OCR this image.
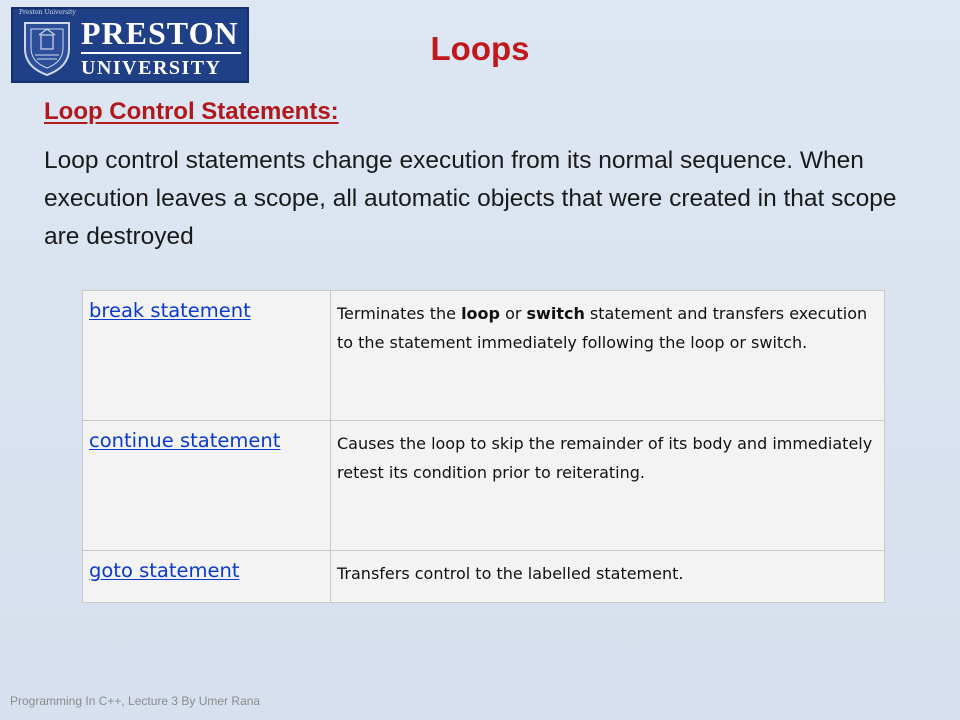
Preston University
PRESTON
UNIVERSITY
Loops
Loop Control Statements:

Loop control statements change execution from its normal sequence. When execution leaves a scope, all automatic objects that were created in that scope are destroyed

break statement	Terminates the loop or switch statement and transfers execution to the statement immediately following the loop or switch.
continue statement	Causes the loop to skip the remainder of its body and immediately retest its condition prior to reiterating.
goto statement	Transfers control to the labelled statement.
Programming In C++, Lecture 3 By Umer Rana
